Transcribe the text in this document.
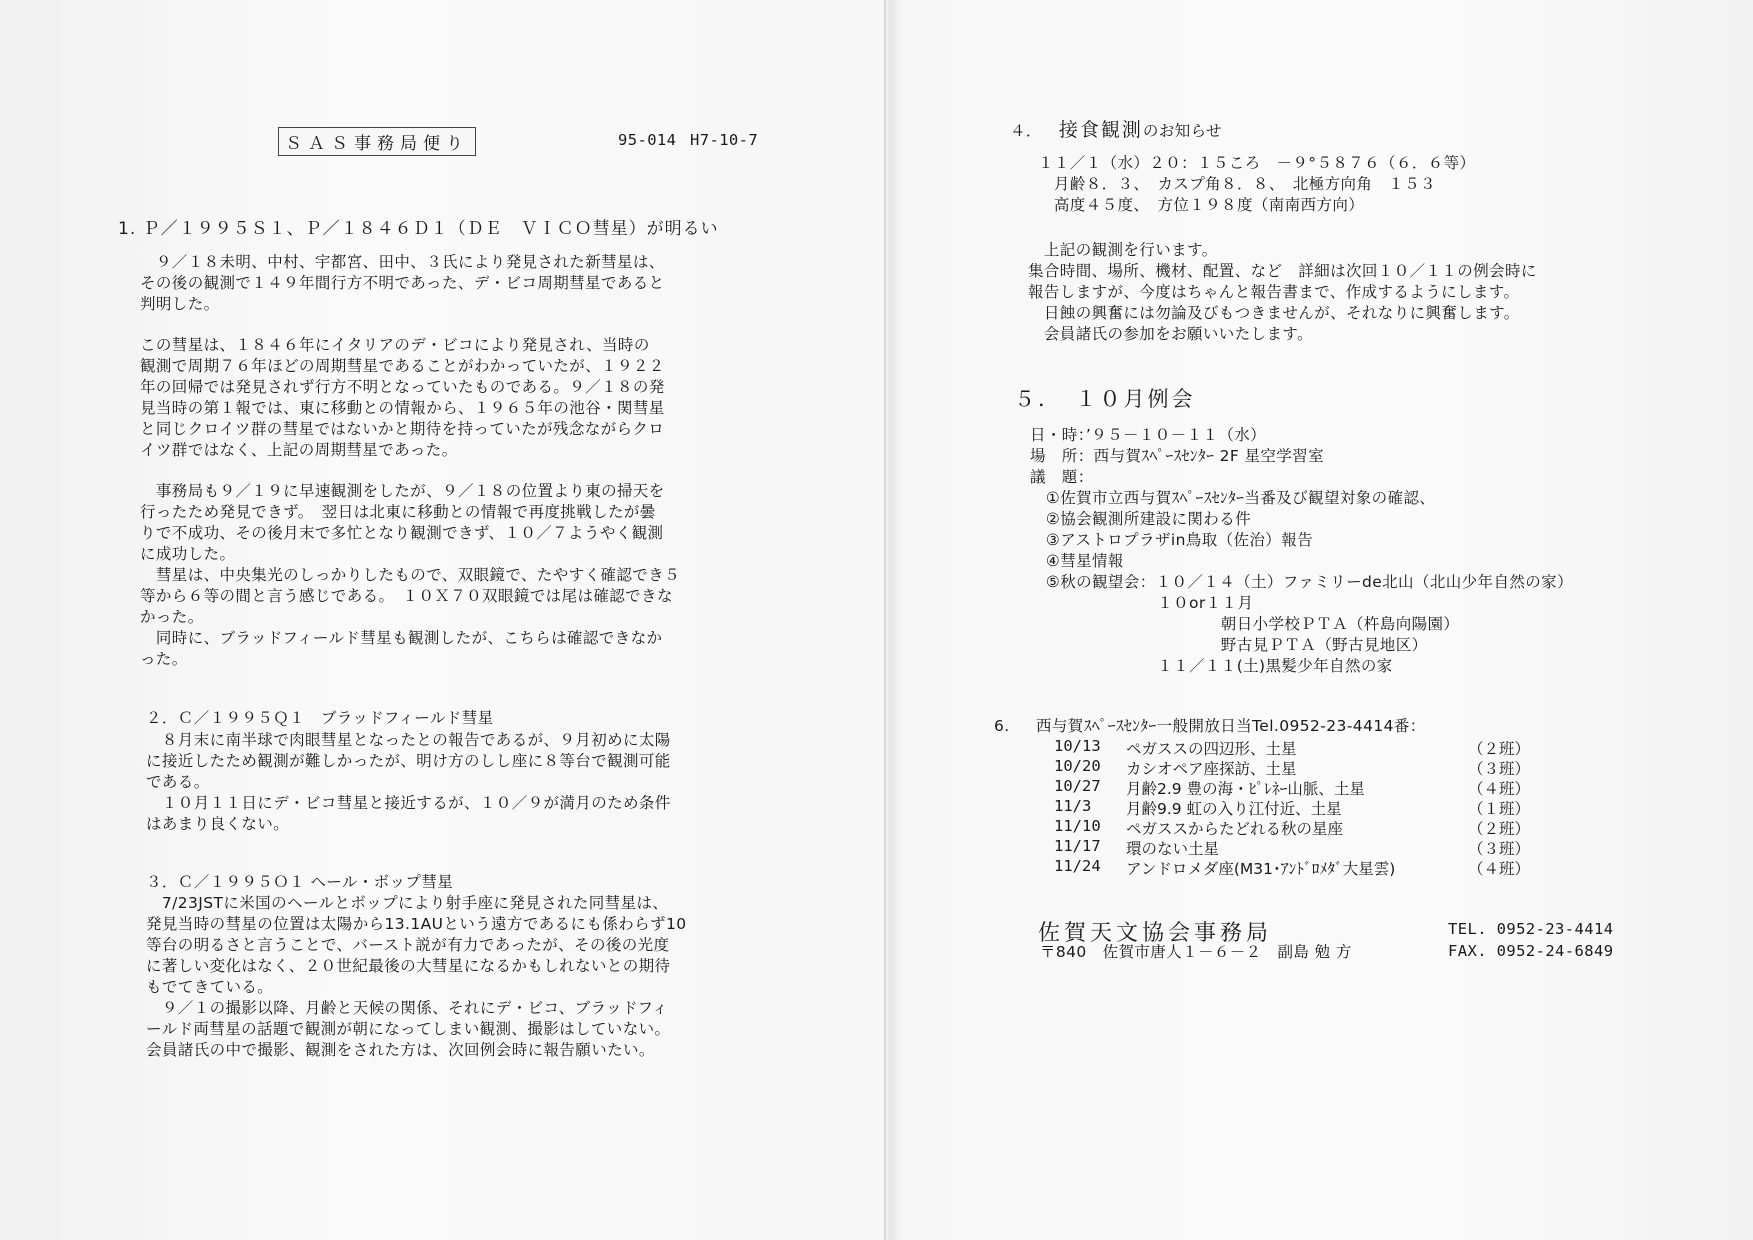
ＳＡＳ事務局便り	95-014 H7-10-7
1. Ｐ／１９９５Ｓ１、Ｐ／１８４６Ｄ１（ＤＥ　ＶＩＣＯ彗星）が明るい
　９／１８未明、中村、宇都宮、田中、３氏により発見された新彗星は、
その後の観測で１４９年間行方不明であった、デ・ビコ周期彗星であると
判明した。
この彗星は、１８４６年にイタリアのデ・ビコにより発見され、当時の
観測で周期７６年ほどの周期彗星であることがわかっていたが、１９２２
年の回帰では発見されず行方不明となっていたものである。９／１８の発
見当時の第１報では、東に移動との情報から、１９６５年の池谷・関彗星
と同じクロイツ群の彗星ではないかと期待を持っていたが残念ながらクロ
イツ群ではなく、上記の周期彗星であった。
　事務局も９／１９に早速観測をしたが、９／１８の位置より東の掃天を
行ったため発見できず。　翌日は北東に移動との情報で再度挑戦したが曇
りで不成功、その後月末で多忙となり観測できず、１０／７ようやく観測
に成功した。
　彗星は、中央集光のしっかりしたもので、双眼鏡で、たやすく確認でき５
等から６等の間と言う感じである。　１０Ｘ７０双眼鏡では尾は確認できな
かった。
　同時に、ブラッドフィールド彗星も観測したが、こちらは確認できなか
った。
２．Ｃ／１９９５Ｑ１　ブラッドフィールド彗星
　８月末に南半球で肉眼彗星となったとの報告であるが、９月初めに太陽
に接近したため観測が難しかったが、明け方のしし座に８等台で観測可能
である。
　１０月１１日にデ・ビコ彗星と接近するが、１０／９が満月のため条件
はあまり良くない。
３．Ｃ／１９９５Ｏ１ ヘール・ボップ彗星
　7/23JSTに米国のヘールとボップにより射手座に発見された同彗星は、
発見当時の彗星の位置は太陽から13.1AUという遠方であるにも係わらず10
等台の明るさと言うことで、バースト説が有力であったが、その後の光度
に著しい変化はなく、２０世紀最後の大彗星になるかもしれないとの期待
もでてきている。
　９／１の撮影以降、月齢と天候の関係、それにデ・ビコ、ブラッドフィ
ールド両彗星の話題で観測が朝になってしまい観測、撮影はしていない。
会員諸氏の中で撮影、観測をされた方は、次回例会時に報告願いたい。
４． 接食観測のお知らせ
１１／１（水）２０：１５ころ　－９°５８７６（６．６等）
　月齢８．３、　カスプ角８．８、　北極方向角　１５３
　高度４５度、　方位１９８度（南南西方向）
　上記の観測を行います。
集合時間、場所、機材、配置、など　詳細は次回１０／１１の例会時に
報告しますが、今度はちゃんと報告書まで、作成するようにします。
　日蝕の興奮には勿論及びもつきませんが、それなりに興奮します。
　会員諸氏の参加をお願いいたします。
５．　１０月例会
日・時：’９５－１０－１１（水）
場　所：西与賀ｽﾍﾟｰｽｾﾝﾀｰ 2F 星空学習室
議　題：
　①佐賀市立西与賀ｽﾍﾟｰｽｾﾝﾀｰ当番及び観望対象の確認、
　②協会観測所建設に関わる件
　③アストロプラザin鳥取（佐治）報告
　④彗星情報
　⑤秋の観望会：１０／１４（土）ファミリーde北山（北山少年自然の家）
　　　　　　　　１０or１１月
　　　　　　　　　　　　朝日小学校ＰＴＡ（杵島向陽園）
　　　　　　　　　　　　野古見ＰＴＡ（野古見地区）
　　　　　　　　１１／１１(土)黒髪少年自然の家
6. 西与賀ｽﾍﾟｰｽｾﾝﾀｰ一般開放日当Tel.0952-23-4414番：
10/13 ペガススの四辺形、土星	（２班）
10/20 カシオペア座探訪、土星	（３班）
10/27 月齢2.9 豊の海・ﾋﾟﾚﾈｰ山脈、土星	（４班）
11/3 月齢9.9 虹の入り江付近、土星	（１班）
11/10 ペガススからたどれる秋の星座	（２班）
11/17 環のない土星	（３班）
11/24 アンドロメダ座(M31･ｱﾝﾄﾞﾛﾒﾀﾞ大星雲)	（４班）
佐賀天文協会事務局
〒840　佐賀市唐人１－６－２　副島 勉 方
TEL. 0952-23-4414
FAX. 0952-24-6849
